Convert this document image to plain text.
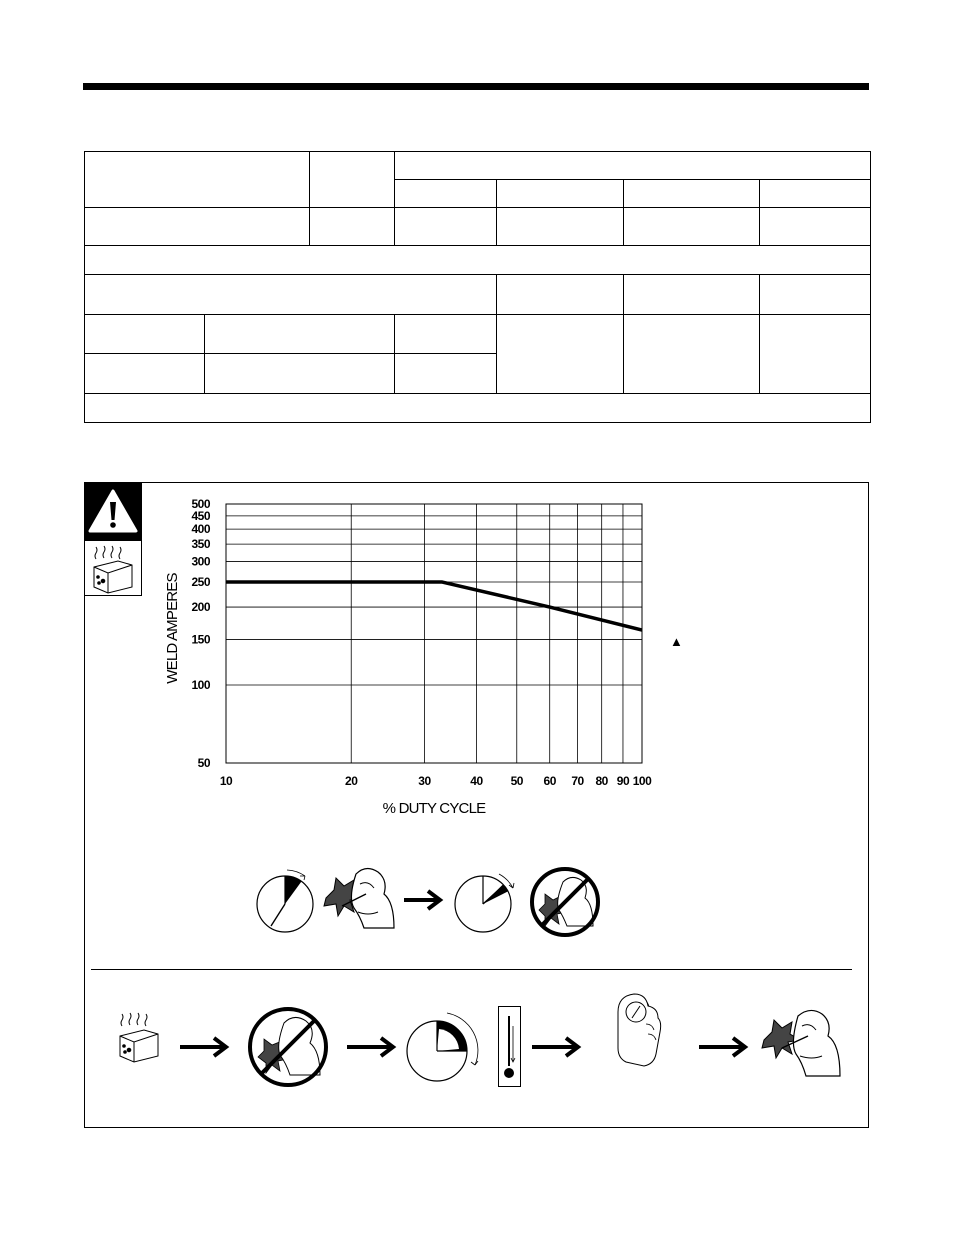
10	20	30	40 50 60 70 80 90 100
50
100
150
200
250
300
350
400
450
500
% DUTY CYCLE
WELD AMPERES	▲
